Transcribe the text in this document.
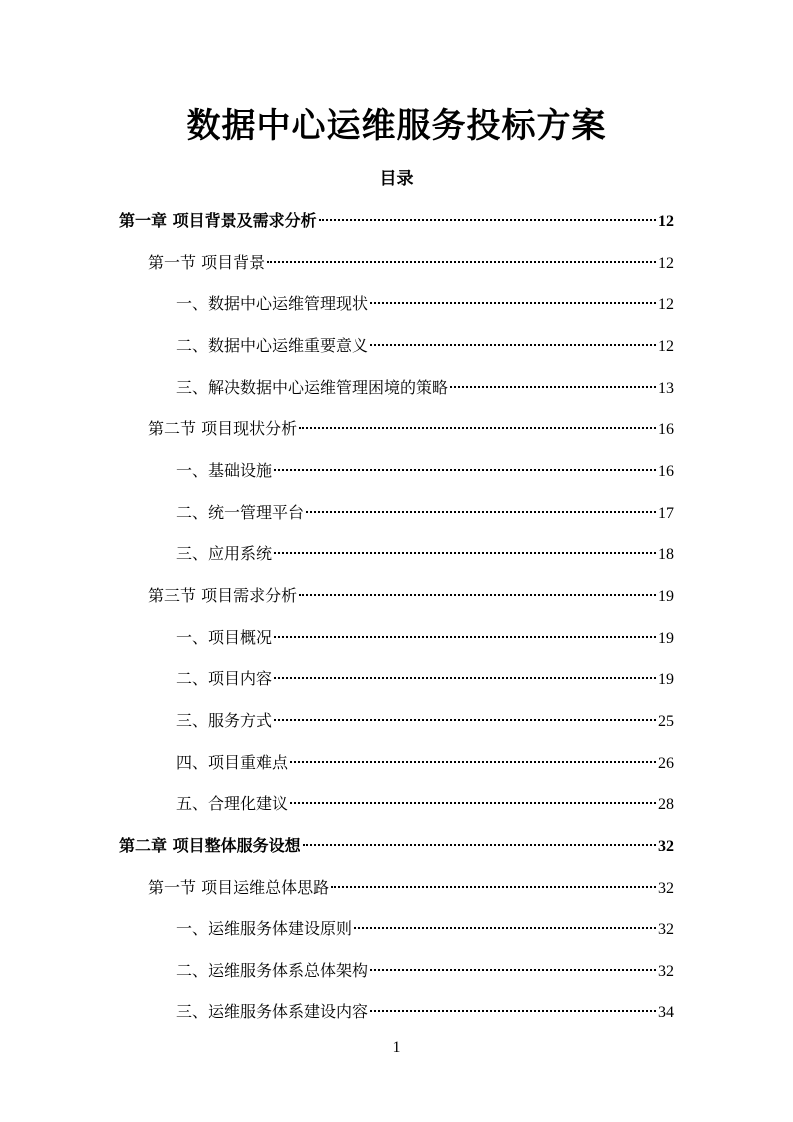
数据中心运维服务投标方案
目录
第一章 项目背景及需求分析	12
第一节 项目背景	12
一、数据中心运维管理现状	12
二、数据中心运维重要意义	12
三、解决数据中心运维管理困境的策略	13
第二节 项目现状分析	16
一、基础设施	16
二、统一管理平台	17
三、应用系统	18
第三节 项目需求分析	19
一、项目概况	19
二、项目内容	19
三、服务方式	25
四、项目重难点	26
五、合理化建议	28
第二章 项目整体服务设想	32
第一节 项目运维总体思路	32
一、运维服务体建设原则	32
二、运维服务体系总体架构	32
三、运维服务体系建设内容	34
1
